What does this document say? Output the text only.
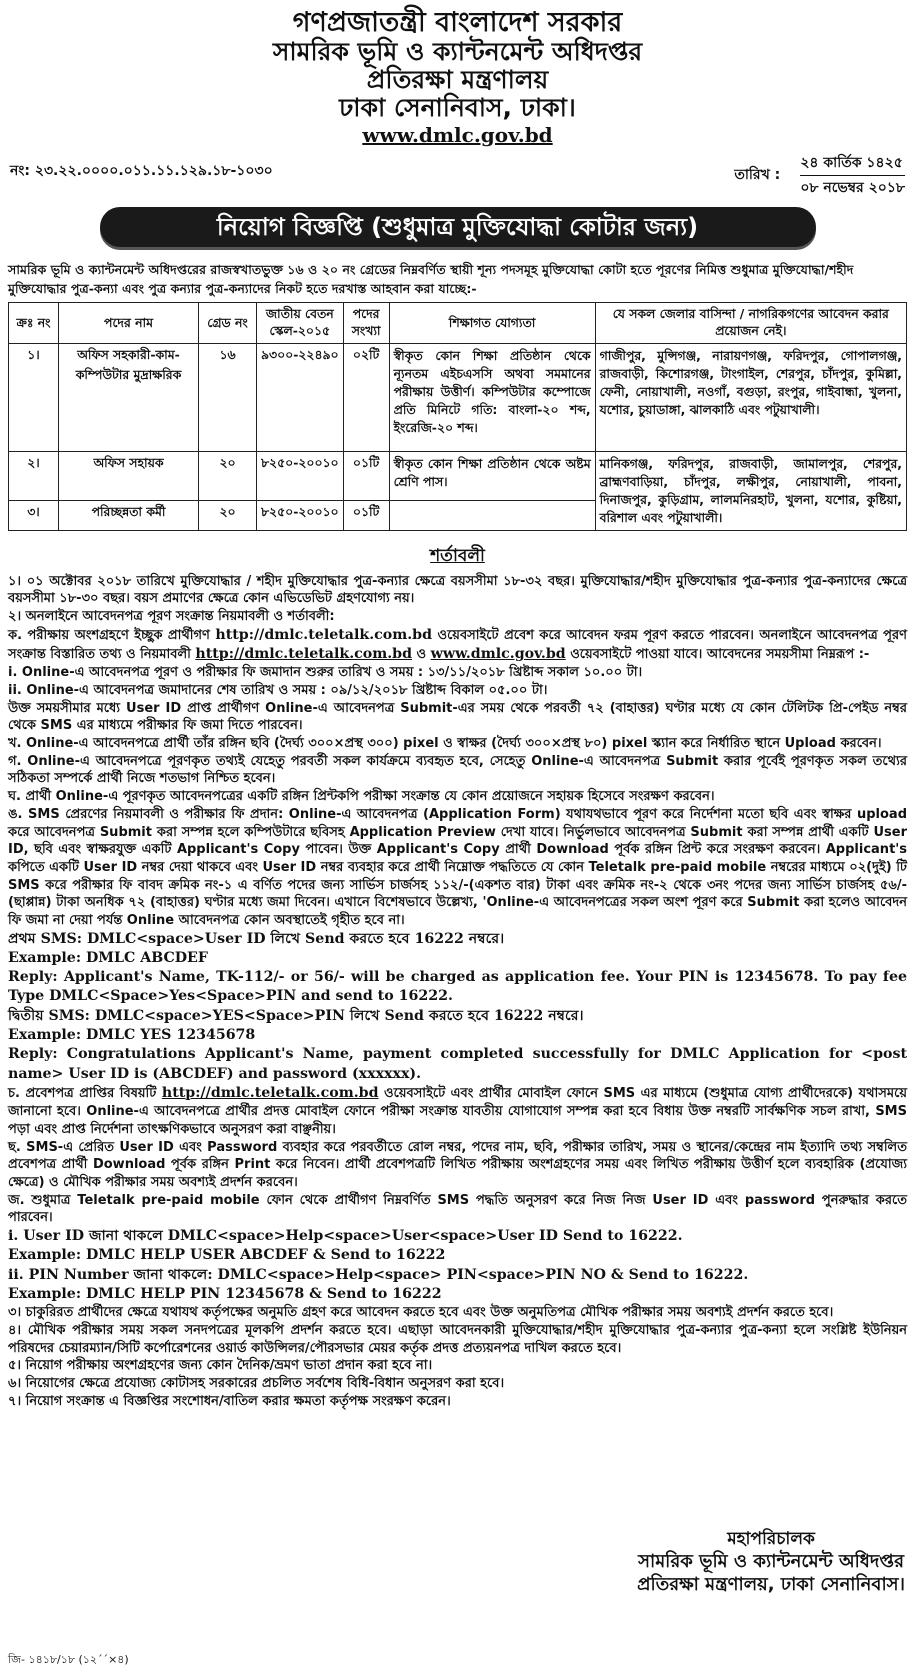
গণপ্রজাতন্ত্রী বাংলাদেশ সরকার
সামরিক ভূমি ও ক্যান্টনমেন্ট অধিদপ্তর
প্রতিরক্ষা মন্ত্রণালয়
ঢাকা সেনানিবাস, ঢাকা।
www.dmlc.gov.bd
নং: ২৩.২২.০০০০.০১১.১১.১২৯.১৮-১০৩০	তারিখ :
২৪ কার্তিক ১৪২৫
০৮ নভেম্বর ২০১৮
নিয়োগ বিজ্ঞপ্তি (শুধুমাত্র মুক্তিযোদ্ধা কোটার জন্য)
সামরিক ভূমি ও ক্যান্টনমেন্ট অধিদপ্তরের রাজস্বখাতভুক্ত ১৬ ও ২০ নং গ্রেডের নিম্নবর্ণিত স্থায়ী শূন্য পদসমূহ মুক্তিযোদ্ধা কোটা হতে পূরণের নিমিত্ত শুধুমাত্র মুক্তিযোদ্ধা/শহীদ মুক্তিযোদ্ধার পুত্র-কন্যা এবং পুত্র কন্যার পুত্র-কন্যাদের নিকট হতে দরখাস্ত আহবান করা যাচ্ছে:-
ক্রঃ নং	পদের নাম	গ্রেড নং	জাতীয় বেতন স্কেল-২০১৫	পদের সংখ্যা	শিক্ষাগত যোগ্যতা	যে সকল জেলার বাসিন্দা / নাগরিকগণের আবেদন করার প্রয়োজন নেই।
১।	অফিস সহকারী-কাম-কম্পিউটার মুদ্রাক্ষরিক	১৬	৯৩০০-২২৪৯০	০২টি	স্বীকৃত কোন শিক্ষা প্রতিষ্ঠান থেকে ন্যূনতম এইচএসসি অথবা সমমানের পরীক্ষায় উত্তীর্ণ। কম্পিউটার কম্পোজে প্রতি মিনিটে গতি: বাংলা-২০ শব্দ, ইংরেজি-২০ শব্দ।	গাজীপুর, মুন্সিগঞ্জ, নারায়ণগঞ্জ, ফরিদপুর, গোপালগঞ্জ, রাজবাড়ী, কিশোরগঞ্জ, টাংগাইল, শেরপুর, চাঁদপুর, কুমিল্লা, ফেনী, নোয়াখালী, নওগাঁ, বগুড়া, রংপুর, গাইবান্ধা, খুলনা, যশোর, চুয়াডাঙ্গা, ঝালকাঠি এবং পটুয়াখালী।
২।	অফিস সহায়ক	২০	৮২৫০-২০০১০	০১টি	স্বীকৃত কোন শিক্ষা প্রতিষ্ঠান থেকে অষ্টম শ্রেণি পাস।	মানিকগঞ্জ, ফরিদপুর, রাজবাড়ী, জামালপুর, শেরপুর, ব্রাহ্মণবাড়িয়া, চাঁদপুর, লক্ষীপুর, নোয়াখালী, পাবনা, দিনাজপুর, কুড়িগ্রাম, লালমনিরহাট, খুলনা, যশোর, কুষ্টিয়া, বরিশাল এবং পটুয়াখালী।
৩।	পরিচ্ছন্নতা কর্মী	২০	৮২৫০-২০০১০	০১টি		
শর্তাবলী

১। ০১ অক্টোবর ২০১৮ তারিখে মুক্তিযোদ্ধার / শহীদ মুক্তিযোদ্ধার পুত্র-কন্যার ক্ষেত্রে বয়সসীমা ১৮-৩২ বছর। মুক্তিযোদ্ধার/শহীদ মুক্তিযোদ্ধার পুত্র-কন্যার পুত্র-কন্যাদের ক্ষেত্রে বয়সসীমা ১৮-৩০ বছর। বয়স প্রমাণের ক্ষেত্রে কোন এভিডেভিট গ্রহণযোগ্য নয়।

২। অনলাইনে আবেদনপত্র পূরণ সংক্রান্ত নিয়মাবলী ও শর্তাবলী:

ক. পরীক্ষায় অংশগ্রহণে ইচ্ছুক প্রার্থীগণ http://dmlc.teletalk.com.bd ওয়েবসাইটে প্রবেশ করে আবেদন ফরম পূরণ করতে পারবেন। অনলাইনে আবেদনপত্র পূরণ সংক্রান্ত বিস্তারিত তথ্য ও নিয়মাবলী http://dmlc.teletalk.com.bd ও www.dmlc.gov.bd ওয়েবসাইটে পাওয়া যাবে। আবেদনের সময়সীমা নিম্নরূপ :-

i. Online-এ আবেদনপত্র পূরণ ও পরীক্ষার ফি জমাদান শুরুর তারিখ ও সময় : ১৩/১১/২০১৮ খ্রিষ্টাব্দ সকাল ১০.০০ টা।

ii. Online-এ আবেদনপত্র জমাদানের শেষ তারিখ ও সময় : ০৯/১২/২০১৮ খ্রিষ্টাব্দ বিকাল ০৫.০০ টা।

উক্ত সময়সীমার মধ্যে User ID প্রাপ্ত প্রার্থীগণ Online-এ আবেদনপত্র Submit-এর সময় থেকে পরবর্তী ৭২ (বাহাত্তর) ঘণ্টার মধ্যে যে কোন টেলিটক প্রি-পেইড নম্বর থেকে SMS এর মাধ্যমে পরীক্ষার ফি জমা দিতে পারবেন।

খ. Online-এ আবেদনপত্রে প্রার্থী তাঁর রঙ্গিন ছবি (দৈর্ঘ্য ৩০০×প্রস্থ ৩০০) pixel ও স্বাক্ষর (দৈর্ঘ্য ৩০০×প্রস্থ ৮০) pixel স্ক্যান করে নির্ধারিত স্থানে Upload করবেন।

গ. Online-এ আবেদনপত্রে পূরণকৃত তথ্যই যেহেতু পরবর্তী সকল কার্যক্রমে ব্যবহৃত হবে, সেহেতু Online-এ আবেদনপত্র Submit করার পূর্বেই পূরণকৃত সকল তথ্যের সঠিকতা সম্পর্কে প্রার্থী নিজে শতভাগ নিশ্চিত হবেন।

ঘ. প্রার্থী Online-এ পূরণকৃত আবেদনপত্রের একটি রঙ্গিন প্রিন্টকপি পরীক্ষা সংক্রান্ত যে কোন প্রয়োজনে সহায়ক হিসেবে সংরক্ষণ করবেন।

ঙ. SMS প্রেরণের নিয়মাবলী ও পরীক্ষার ফি প্রদান: Online-এ আবেদনপত্র (Application Form) যথাযথভাবে পূরণ করে নির্দেশনা মতো ছবি এবং স্বাক্ষর upload করে আবেদনপত্র Submit করা সম্পন্ন হলে কম্পিউটারে ছবিসহ Application Preview দেখা যাবে। নির্ভুলভাবে আবেদনপত্র Submit করা সম্পন্ন প্রার্থী একটি User ID, ছবি এবং স্বাক্ষরযুক্ত একটি Applicant's Copy পাবেন। উক্ত Applicant's Copy প্রার্থী Download পূর্বক রঙ্গিন প্রিন্ট করে সংরক্ষণ করবেন। Applicant's কপিতে একটি User ID নম্বর দেয়া থাকবে এবং User ID নম্বর ব্যবহার করে প্রার্থী নিম্নোক্ত পদ্ধতিতে যে কোন Teletalk pre-paid mobile নম্বরের মাধ্যমে ০২(দুই) টি SMS করে পরীক্ষার ফি বাবদ ক্রমিক নং-১ এ বর্ণিত পদের জন্য সার্ভিস চার্জসহ ১১২/-(একশত বার) টাকা এবং ক্রমিক নং-২ থেকে ৩নং পদের জন্য সার্ভিস চার্জসহ ৫৬/-(ছাপ্পান্ন) টাকা অনধিক ৭২ (বাহাত্তর) ঘণ্টার মধ্যে জমা দিবেন। এখানে বিশেষভাবে উল্লেখ্য, 'Online-এ আবেদনপত্রের সকল অংশ পূরণ করে Submit করা হলেও আবেদন ফি জমা না দেয়া পর্যন্ত Online আবেদনপত্র কোন অবস্থাতেই গৃহীত হবে না।

প্রথম SMS: DMLC<space>User ID লিখে Send করতে হবে 16222 নম্বরে।

Example: DMLC ABCDEF

Reply: Applicant's Name, TK-112/- or 56/- will be charged as application fee. Your PIN is 12345678. To pay fee Type DMLC<Space>Yes<Space>PIN and send to 16222.

দ্বিতীয় SMS: DMLC<space>YES<Space>PIN লিখে Send করতে হবে 16222 নম্বরে।

Example: DMLC YES 12345678

Reply: Congratulations Applicant's Name, payment completed successfully for DMLC Application for <post name> User ID is (ABCDEF) and password (xxxxxx).

চ. প্রবেশপত্র প্রাপ্তির বিষয়টি http://dmlc.teletalk.com.bd ওয়েবসাইটে এবং প্রার্থীর মোবাইল ফোনে SMS এর মাধ্যমে (শুধুমাত্র যোগ্য প্রার্থীদেরকে) যথাসময়ে জানানো হবে। Online-এ আবেদনপত্রে প্রার্থীর প্রদত্ত মোবাইল ফোনে পরীক্ষা সংক্রান্ত যাবতীয় যোগাযোগ সম্পন্ন করা হবে বিধায় উক্ত নম্বরটি সার্বক্ষণিক সচল রাখা, SMS পড়া এবং প্রাপ্ত নির্দেশনা তাৎক্ষণিকভাবে অনুসরণ করা বাঞ্ছনীয়।

ছ. SMS-এ প্রেরিত User ID এবং Password ব্যবহার করে পরবর্তীতে রোল নম্বর, পদের নাম, ছবি, পরীক্ষার তারিখ, সময় ও স্থানের/কেন্দ্রের নাম ইত্যাদি তথ্য সম্বলিত প্রবেশপত্র প্রার্থী Download পূর্বক রঙ্গিন Print করে নিবেন। প্রার্থী প্রবেশপত্রটি লিখিত পরীক্ষায় অংশগ্রহণের সময় এবং লিখিত পরীক্ষায় উত্তীর্ণ হলে ব্যবহারিক (প্রযোজ্য ক্ষেত্রে) ও মৌখিক পরীক্ষার সময় অবশ্যই প্রদর্শন করবেন।

জ. শুধুমাত্র Teletalk pre-paid mobile ফোন থেকে প্রার্থীগণ নিম্নবর্ণিত SMS পদ্ধতি অনুসরণ করে নিজ নিজ User ID এবং password পুনরুদ্ধার করতে পারবেন।

i. User ID জানা থাকলে DMLC<space>Help<space>User<space>User ID Send to 16222.

Example: DMLC HELP USER ABCDEF & Send to 16222

ii. PIN Number জানা থাকলে: DMLC<space>Help<space> PIN<space>PIN NO & Send to 16222.

Example: DMLC HELP PIN 12345678 & Send to 16222

৩। চাকুরিরত প্রার্থীদের ক্ষেত্রে যথাযথ কর্তৃপক্ষের অনুমতি গ্রহণ করে আবেদন করতে হবে এবং উক্ত অনুমতিপত্র মৌখিক পরীক্ষার সময় অবশ্যই প্রদর্শন করতে হবে।

৪। মৌখিক পরীক্ষার সময় সকল সনদপত্রের মূলকপি প্রদর্শন করতে হবে। এছাড়া আবেদনকারী মুক্তিযোদ্ধার/শহীদ মুক্তিযোদ্ধার পুত্র-কন্যার পুত্র-কন্যা হলে সংশ্লিষ্ট ইউনিয়ন পরিষদের চেয়ারম্যান/সিটি কর্পোরেশনের ওয়ার্ড কাউন্সিলর/পৌরসভার মেয়র কর্তৃক প্রদত্ত প্রত্যয়নপত্র দাখিল করতে হবে।

৫। নিয়োগ পরীক্ষায় অংশগ্রহণের জন্য কোন দৈনিক/ভ্রমণ ভাতা প্রদান করা হবে না।

৬। নিয়োগের ক্ষেত্রে প্রযোজ্য কোটাসহ সরকারের প্রচলিত সর্বশেষ বিধি-বিধান অনুসরণ করা হবে।

৭। নিয়োগ সংক্রান্ত এ বিজ্ঞপ্তির সংশোধন/বাতিল করার ক্ষমতা কর্তৃপক্ষ সংরক্ষণ করেন।

মহাপরিচালক
সামরিক ভূমি ও ক্যান্টনমেন্ট অধিদপ্তর
প্রতিরক্ষা মন্ত্রণালয়, ঢাকা সেনানিবাস।
জি- ১৪১৮/১৮ (১২´´×৪)
